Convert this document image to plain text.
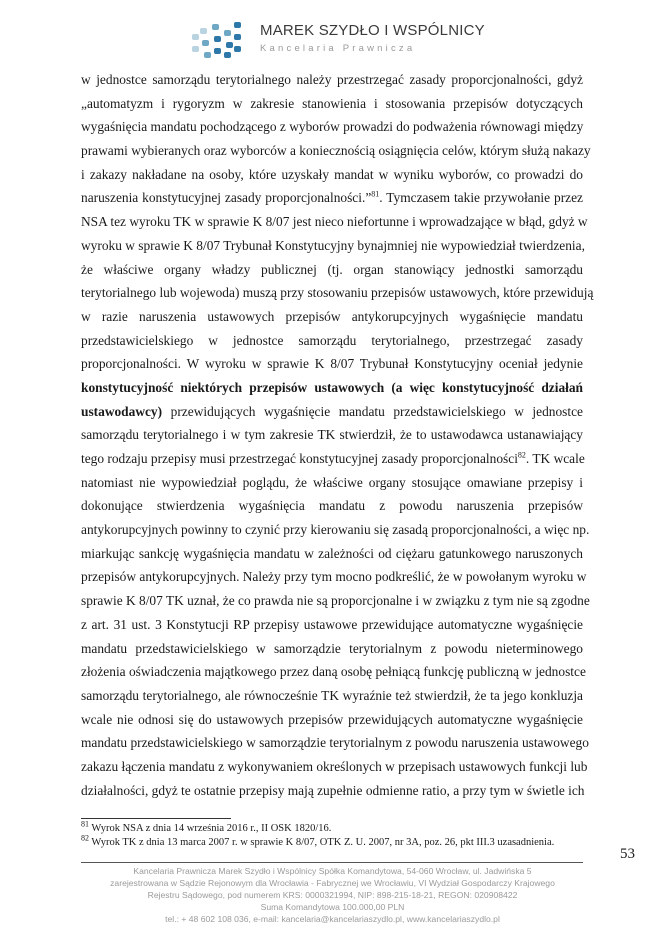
MAREK SZYDŁO I WSPÓLNICY
Kancelaria Prawnicza
w jednostce samorządu terytorialnego należy przestrzegać zasady proporcjonalności, gdyż
„automatyzm i rygoryzm w zakresie stanowienia i stosowania przepisów dotyczących
wygaśnięcia mandatu pochodzącego z wyborów prowadzi do podważenia równowagi między
prawami wybieranych oraz wyborców a koniecznością osiągnięcia celów, którym służą nakazy
i zakazy nakładane na osoby, które uzyskały mandat w wyniku wyborów, co prowadzi do
naruszenia konstytucyjnej zasady proporcjonalności.”$^{81}$. Tymczasem takie przywołanie przez
NSA tez wyroku TK w sprawie K 8/07 jest nieco niefortunne i wprowadzające w błąd, gdyż w
wyroku w sprawie K 8/07 Trybunał Konstytucyjny bynajmniej nie wypowiedział twierdzenia,
że właściwe organy władzy publicznej (tj. organ stanowiący jednostki samorządu
terytorialnego lub wojewoda) muszą przy stosowaniu przepisów ustawowych, które przewidują
w razie naruszenia ustawowych przepisów antykorupcyjnych wygaśnięcie mandatu
przedstawicielskiego w jednostce samorządu terytorialnego, przestrzegać zasady
proporcjonalności. W wyroku w sprawie K 8/07 Trybunał Konstytucyjny oceniał jedynie
konstytucyjność niektórych przepisów ustawowych (a więc konstytucyjność działań
ustawodawcy) przewidujących wygaśnięcie mandatu przedstawicielskiego w jednostce
samorządu terytorialnego i w tym zakresie TK stwierdził, że to ustawodawca ustanawiający
tego rodzaju przepisy musi przestrzegać konstytucyjnej zasady proporcjonalności$^{82}$. TK wcale
natomiast nie wypowiedział poglądu, że właściwe organy stosujące omawiane przepisy i
dokonujące stwierdzenia wygaśnięcia mandatu z powodu naruszenia przepisów
antykorupcyjnych powinny to czynić przy kierowaniu się zasadą proporcjonalności, a więc np.
miarkując sankcję wygaśnięcia mandatu w zależności od ciężaru gatunkowego naruszonych
przepisów antykorupcyjnych. Należy przy tym mocno podkreślić, że w powołanym wyroku w
sprawie K 8/07 TK uznał, że co prawda nie są proporcjonalne i w związku z tym nie są zgodne
z art. 31 ust. 3 Konstytucji RP przepisy ustawowe przewidujące automatyczne wygaśnięcie
mandatu przedstawicielskiego w samorządzie terytorialnym z powodu nieterminowego
złożenia oświadczenia majątkowego przez daną osobę pełniącą funkcję publiczną w jednostce
samorządu terytorialnego, ale równocześnie TK wyraźnie też stwierdził, że ta jego konkluzja
wcale nie odnosi się do ustawowych przepisów przewidujących automatyczne wygaśnięcie
mandatu przedstawicielskiego w samorządzie terytorialnym z powodu naruszenia ustawowego
zakazu łączenia mandatu z wykonywaniem określonych w przepisach ustawowych funkcji lub
działalności, gdyż te ostatnie przepisy mają zupełnie odmienne ratio, a przy tym w świetle ich
$^{81}$ Wyrok NSA z dnia 14 września 2016 r., II OSK 1820/16.
$^{82}$ Wyrok TK z dnia 13 marca 2007 r. w sprawie K 8/07, OTK Z. U. 2007, nr 3A, poz. 26, pkt III.3 uzasadnienia.
53
Kancelaria Prawnicza Marek Szydło i Wspólnicy Spółka Komandytowa, 54-060 Wrocław, ul. Jadwińska 5
zarejestrowana w Sądzie Rejonowym dla Wrocławia - Fabrycznej we Wrocławiu, VI Wydział Gospodarczy Krajowego
Rejestru Sądowego, pod numerem KRS: 0000321994, NIP: 898-215-18-21, REGON: 020908422
Suma Komandytowa 100.000,00 PLN
tel.: + 48 602 108 036, e-mail: kancelaria@kancelariaszydlo.pl, www.kancelariaszydlo.pl
